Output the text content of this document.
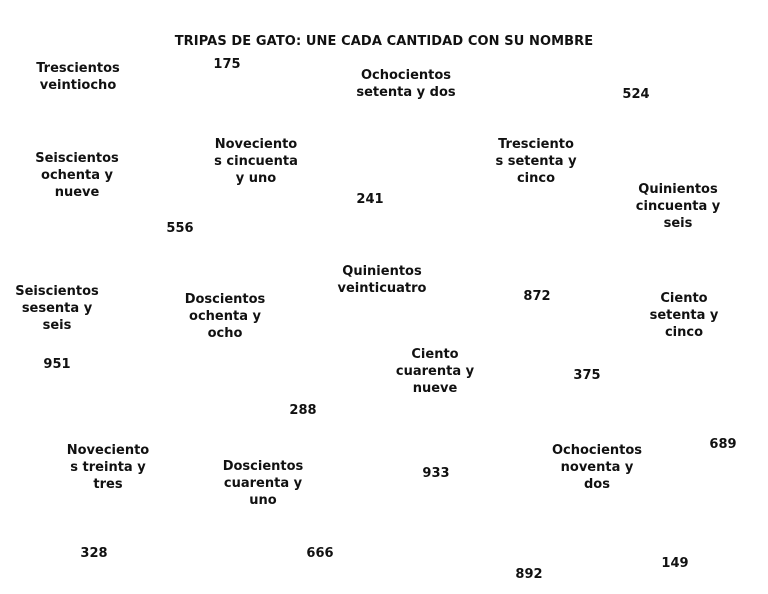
TRIPAS DE GATO: UNE CADA CANTIDAD CON SU NOMBRE
Trescientos
veintiocho
Ochocientos
setenta y dos
Seiscientos
ochenta y
nueve
Noveciento
s cincuenta
y uno
Tresciento
s setenta y
cinco
Quinientos
cincuenta y
seis
Seiscientos
sesenta y
seis
Quinientos
veinticuatro
Doscientos
ochenta y
ocho
Ciento
setenta y
cinco
Ciento
cuarenta y
nueve
Noveciento
s treinta y
tres
Doscientos
cuarenta y
uno
Ochocientos
noventa y
dos
175
524
241
556
872
951
375
288
689
933
328	666
892
149
